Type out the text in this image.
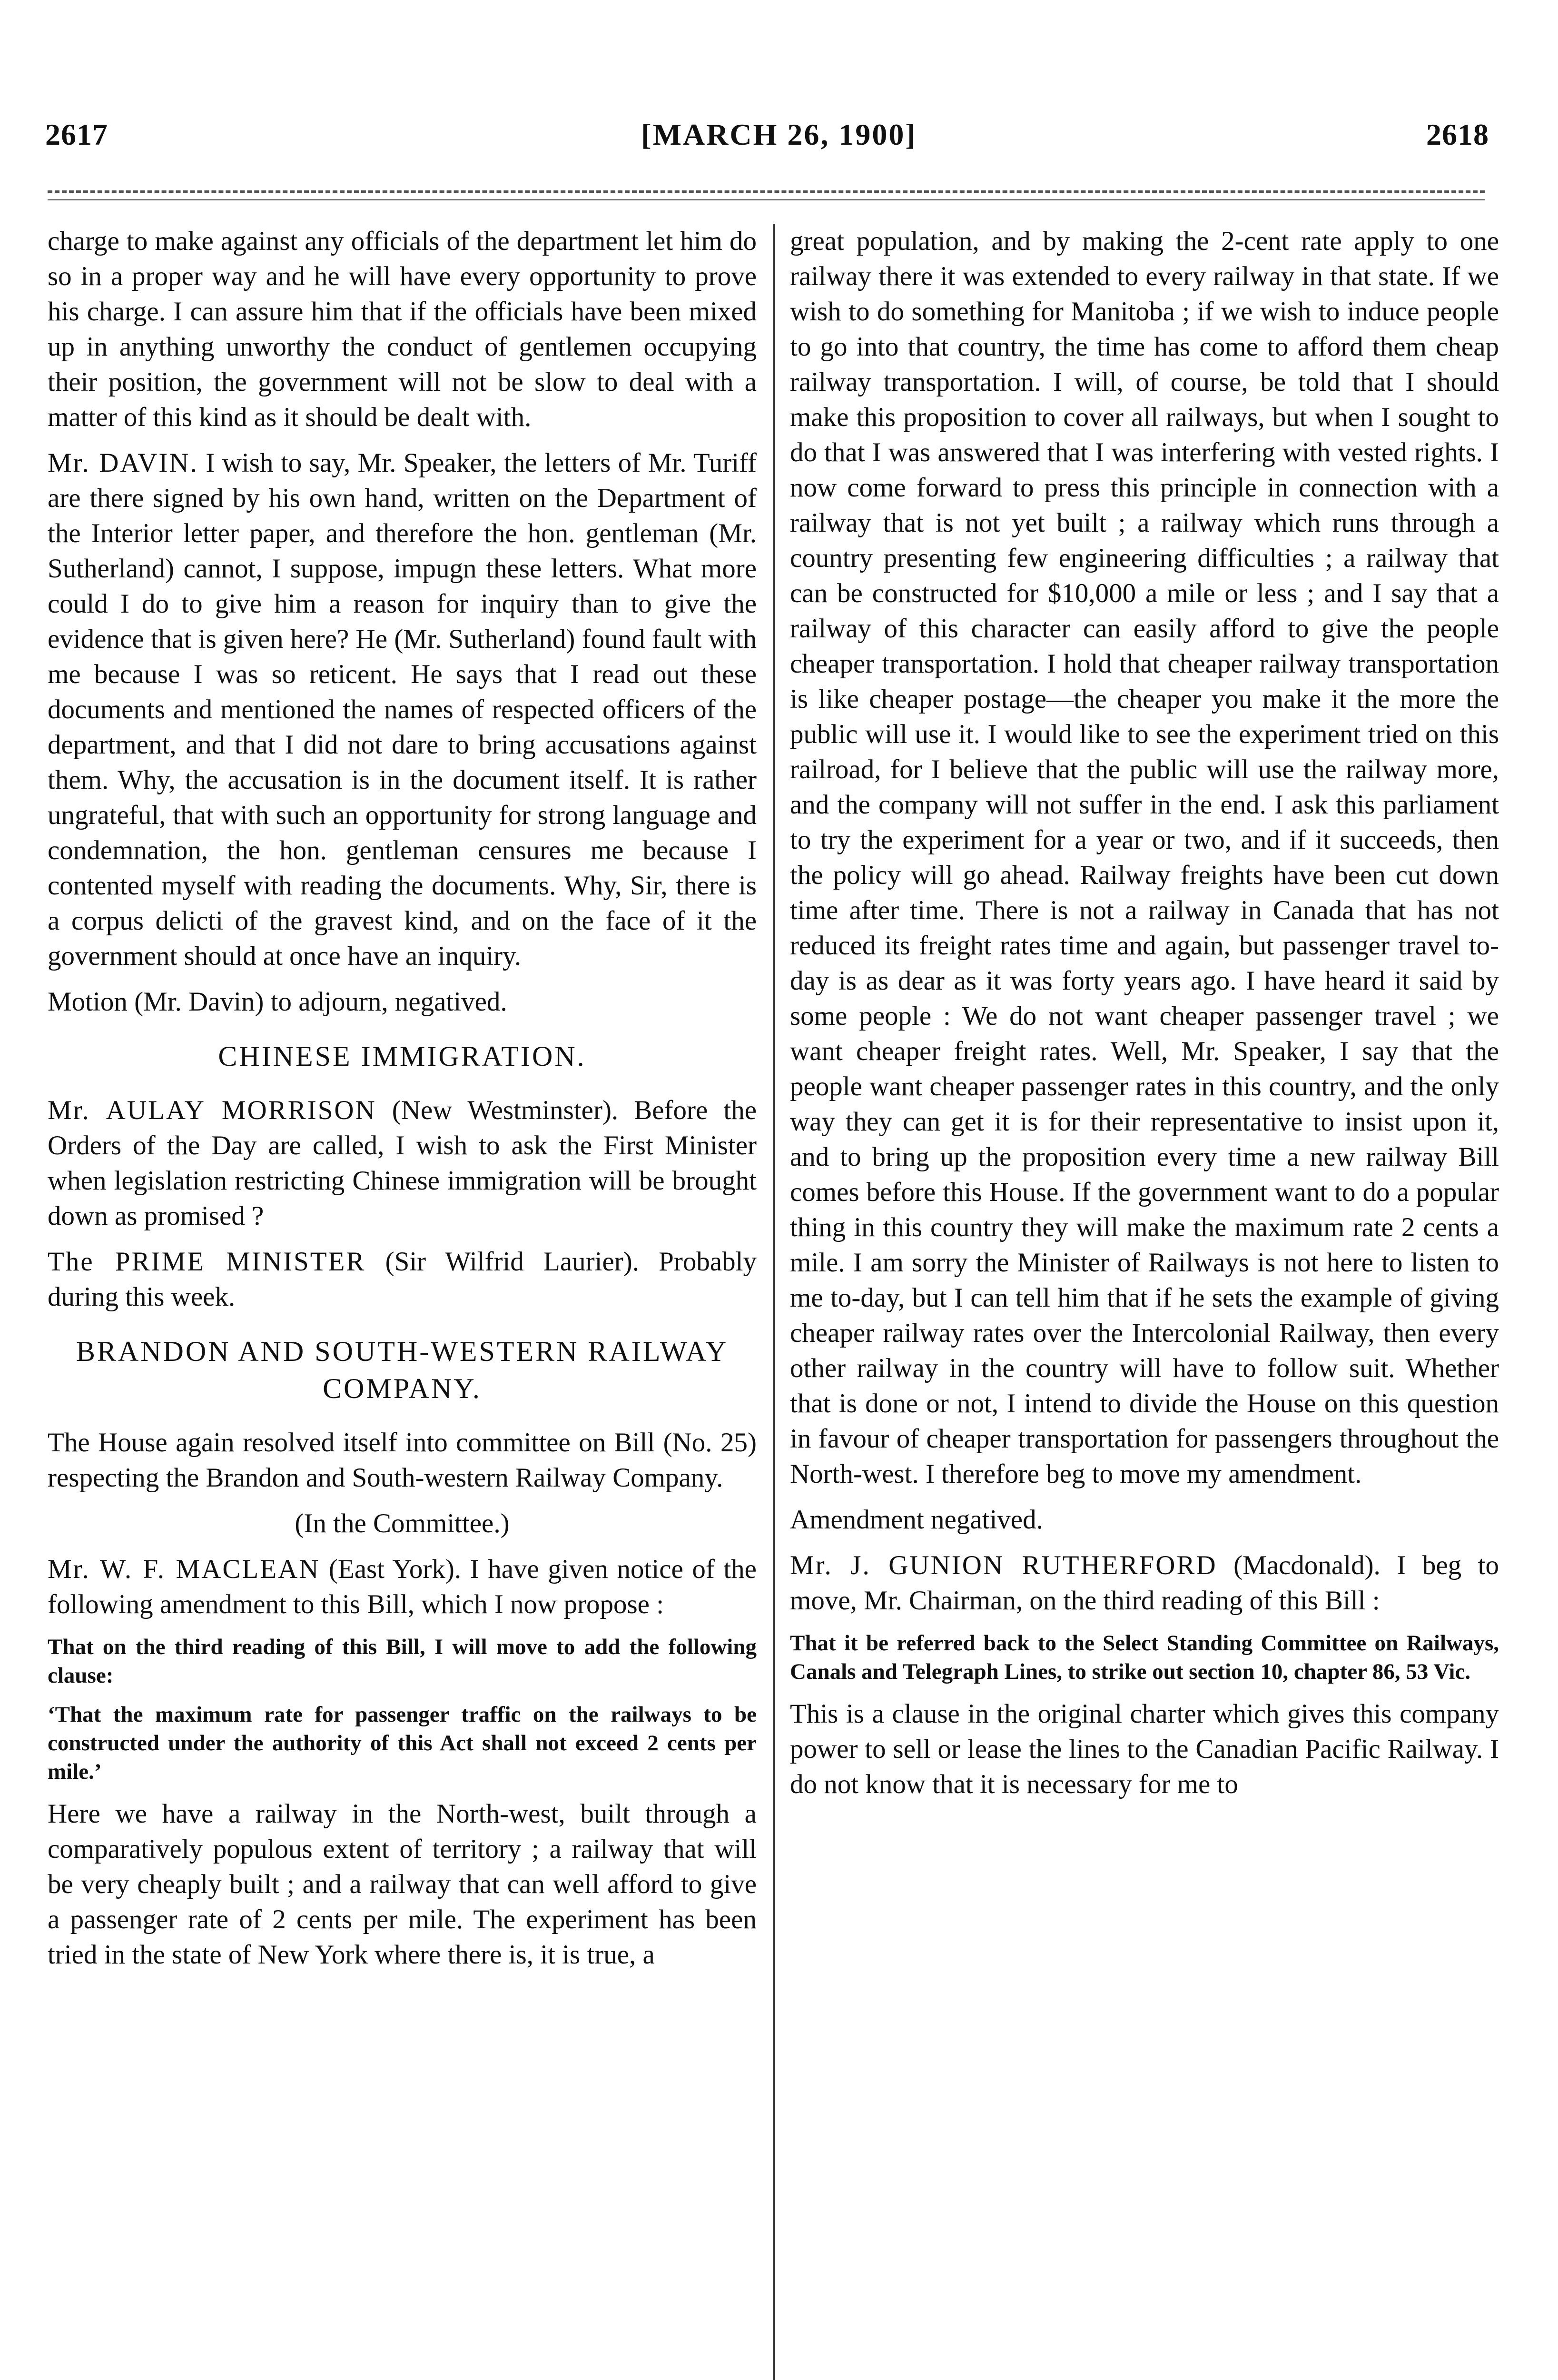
2617	[MARCH 26, 1900]	2618

charge to make against any officials of the department let him do so in a proper way and he will have every opportunity to prove his charge. I can assure him that if the officials have been mixed up in anything unworthy the conduct of gentlemen occupying their position, the government will not be slow to deal with a matter of this kind as it should be dealt with.

Mr. DAVIN. I wish to say, Mr. Speaker, the letters of Mr. Turiff are there signed by his own hand, written on the Department of the Interior letter paper, and therefore the hon. gentleman (Mr. Sutherland) cannot, I suppose, impugn these letters. What more could I do to give him a reason for inquiry than to give the evidence that is given here? He (Mr. Sutherland) found fault with me because I was so reticent. He says that I read out these documents and mentioned the names of respected officers of the department, and that I did not dare to bring accusations against them. Why, the accusation is in the document itself. It is rather ungrateful, that with such an opportunity for strong language and condemnation, the hon. gentleman censures me because I contented myself with reading the documents. Why, Sir, there is a corpus delicti of the gravest kind, and on the face of it the government should at once have an inquiry.

Motion (Mr. Davin) to adjourn, negatived.

CHINESE IMMIGRATION.

Mr. AULAY MORRISON (New Westminster). Before the Orders of the Day are called, I wish to ask the First Minister when legislation restricting Chinese immigration will be brought down as promised ?

The PRIME MINISTER (Sir Wilfrid Laurier). Probably during this week.

BRANDON AND SOUTH-WESTERN RAILWAY COMPANY.

The House again resolved itself into committee on Bill (No. 25) respecting the Brandon and South-western Railway Company.

(In the Committee.)

Mr. W. F. MACLEAN (East York). I have given notice of the following amendment to this Bill, which I now propose :

That on the third reading of this Bill, I will move to add the following clause:

‘That the maximum rate for passenger traffic on the railways to be constructed under the authority of this Act shall not exceed 2 cents per mile.’

Here we have a railway in the North-west, built through a comparatively populous extent of territory ; a railway that will be very cheaply built ; and a railway that can well afford to give a passenger rate of 2 cents per mile. The experiment has been tried in the state of New York where there is, it is true, a

great population, and by making the 2-cent rate apply to one railway there it was extended to every railway in that state. If we wish to do something for Manitoba ; if we wish to induce people to go into that country, the time has come to afford them cheap railway transportation. I will, of course, be told that I should make this proposition to cover all railways, but when I sought to do that I was answered that I was interfering with vested rights. I now come forward to press this principle in connection with a railway that is not yet built ; a railway which runs through a country presenting few engineering difficulties ; a railway that can be constructed for $10,000 a mile or less ; and I say that a railway of this character can easily afford to give the people cheaper transportation. I hold that cheaper railway transportation is like cheaper postage—the cheaper you make it the more the public will use it. I would like to see the experiment tried on this railroad, for I believe that the public will use the railway more, and the company will not suffer in the end. I ask this parliament to try the experiment for a year or two, and if it succeeds, then the policy will go ahead. Railway freights have been cut down time after time. There is not a railway in Canada that has not reduced its freight rates time and again, but passenger travel to-day is as dear as it was forty years ago. I have heard it said by some people : We do not want cheaper passenger travel ; we want cheaper freight rates. Well, Mr. Speaker, I say that the people want cheaper passenger rates in this country, and the only way they can get it is for their representative to insist upon it, and to bring up the proposition every time a new railway Bill comes before this House. If the government want to do a popular thing in this country they will make the maximum rate 2 cents a mile. I am sorry the Minister of Railways is not here to listen to me to-day, but I can tell him that if he sets the example of giving cheaper railway rates over the Intercolonial Railway, then every other railway in the country will have to follow suit. Whether that is done or not, I intend to divide the House on this question in favour of cheaper transportation for passengers throughout the North-west. I therefore beg to move my amendment.

Amendment negatived.

Mr. J. GUNION RUTHERFORD (Macdonald). I beg to move, Mr. Chairman, on the third reading of this Bill :

That it be referred back to the Select Standing Committee on Railways, Canals and Telegraph Lines, to strike out section 10, chapter 86, 53 Vic.

This is a clause in the original charter which gives this company power to sell or lease the lines to the Canadian Pacific Railway. I do not know that it is necessary for me to
